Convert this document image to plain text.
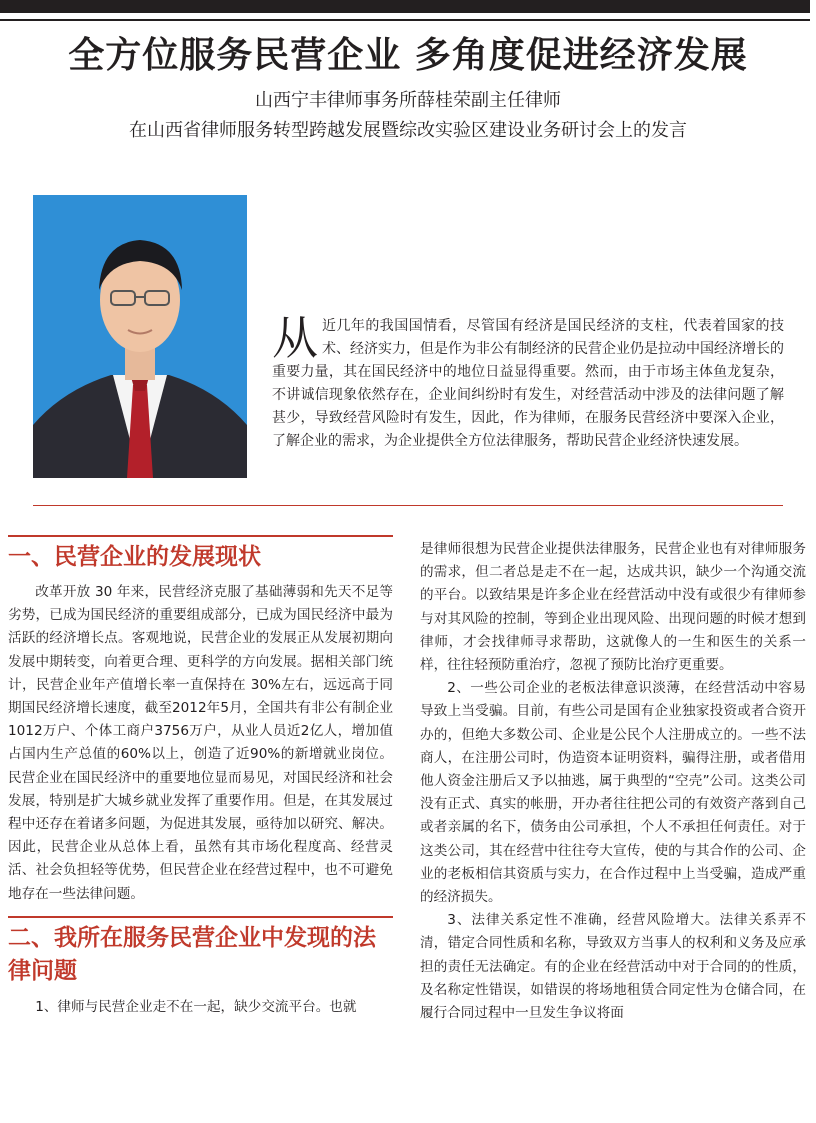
全方位服务民营企业 多角度促进经济发展
山西宁丰律师事务所薛桂荣副主任律师
在山西省律师服务转型跨越发展暨综改实验区建设业务研讨会上的发言
从近几年的我国国情看，尽管国有经济是国民经济的支柱，代表着国家的技术、经济实力，但是作为非公有制经济的民营企业仍是拉动中国经济增长的重要力量，其在国民经济中的地位日益显得重要。然而，由于市场主体鱼龙复杂，不讲诚信现象依然存在，企业间纠纷时有发生，对经营活动中涉及的法律问题了解甚少，导致经营风险时有发生，因此，作为律师，在服务民营经济中要深入企业，了解企业的需求，为企业提供全方位法律服务，帮助民营企业经济快速发展。
一、民营企业的发展现状

改革开放 30 年来，民营经济克服了基础薄弱和先天不足等劣势，已成为国民经济的重要组成部分，已成为国民经济中最为活跃的经济增长点。客观地说，民营企业的发展正从发展初期向发展中期转变，向着更合理、更科学的方向发展。据相关部门统计，民营企业年产值增长率一直保持在 30%左右，远远高于同期国民经济增长速度，截至2012年5月，全国共有非公有制企业1012万户、个体工商户3756万户，从业人员近2亿人，增加值占国内生产总值的60%以上，创造了近90%的新增就业岗位。民营企业在国民经济中的重要地位显而易见，对国民经济和社会发展，特别是扩大城乡就业发挥了重要作用。但是，在其发展过程中还存在着诸多问题，为促进其发展，亟待加以研究、解决。因此，民营企业从总体上看，虽然有其市场化程度高、经营灵活、社会负担轻等优势，但民营企业在经营过程中，也不可避免地存在一些法律问题。

二、我所在服务民营企业中发现的法律问题

1、律师与民营企业走不在一起，缺少交流平台。也就

是律师很想为民营企业提供法律服务，民营企业也有对律师服务的需求，但二者总是走不在一起，达成共识，缺少一个沟通交流的平台。以致结果是许多企业在经营活动中没有或很少有律师参与对其风险的控制，等到企业出现风险、出现问题的时候才想到律师，才会找律师寻求帮助，这就像人的一生和医生的关系一样，往往轻预防重治疗，忽视了预防比治疗更重要。

2、一些公司企业的老板法律意识淡薄，在经营活动中容易导致上当受骗。目前，有些公司是国有企业独家投资或者合资开办的，但绝大多数公司、企业是公民个人注册成立的。一些不法商人，在注册公司时，伪造资本证明资料，骗得注册，或者借用他人资金注册后又予以抽逃，属于典型的“空壳”公司。这类公司没有正式、真实的帐册，开办者往往把公司的有效资产落到自己或者亲属的名下，债务由公司承担，个人不承担任何责任。对于这类公司，其在经营中往往夸大宣传，使的与其合作的公司、企业的老板相信其资质与实力，在合作过程中上当受骗，造成严重的经济损失。

3、法律关系定性不准确，经营风险增大。法律关系弄不清，错定合同性质和名称，导致双方当事人的权利和义务及应承担的责任无法确定。有的企业在经营活动中对于合同的的性质，及名称定性错误，如错误的将场地租赁合同定性为仓储合同，在履行合同过程中一旦发生争议将面
